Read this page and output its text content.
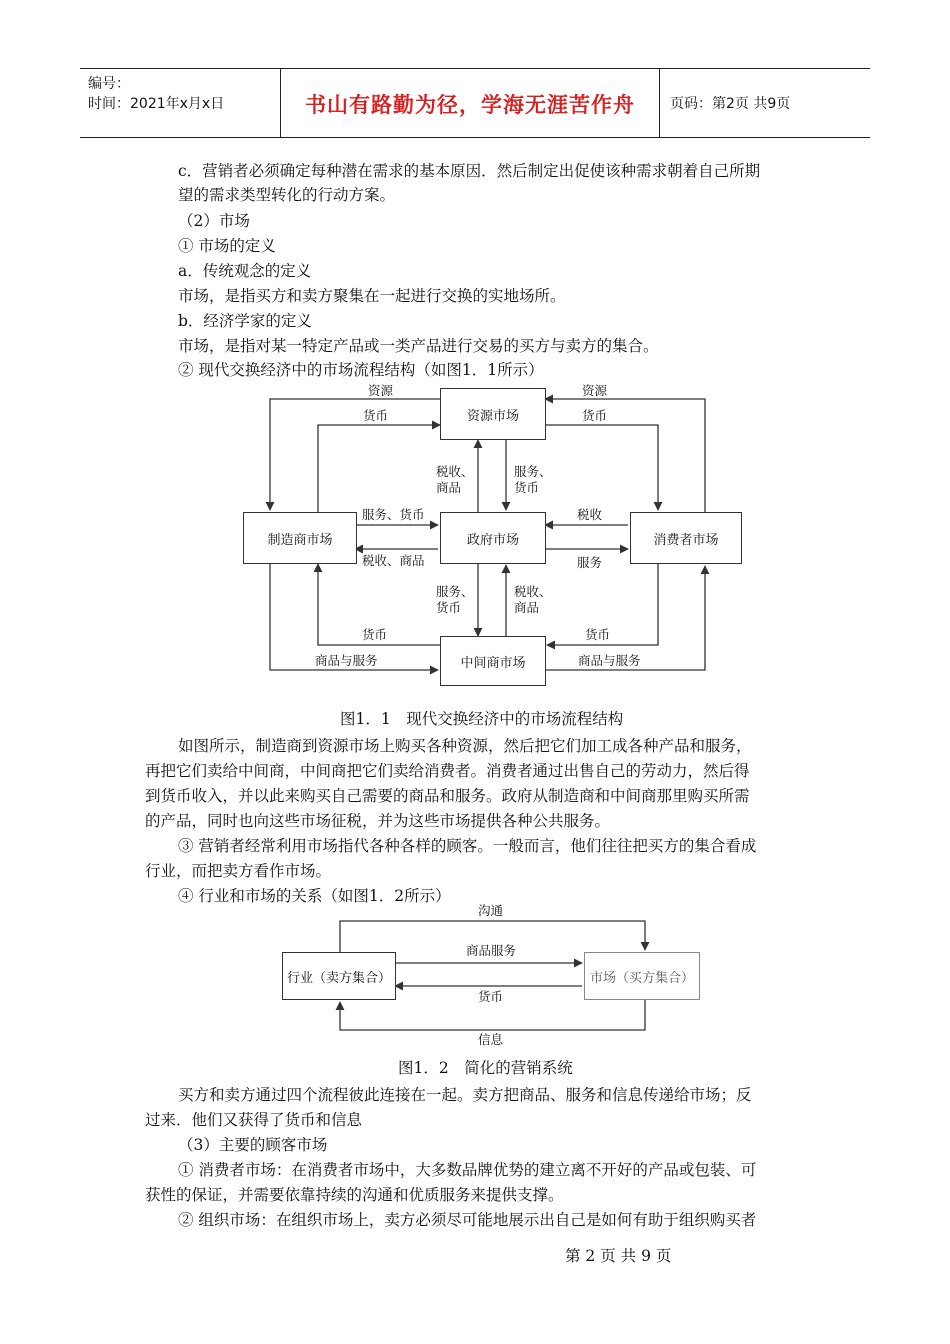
编号：
时间：2021年x月x日	书山有路勤为径，学海无涯苦作舟	页码：第2页 共9页

c．营销者必须确定每种潜在需求的基本原因．然后制定出促使该种需求朝着自己所期

望的需求类型转化的行动方案。

（2）市场

① 市场的定义

a．传统观念的定义

市场，是指买方和卖方聚集在一起进行交换的实地场所。

b．经济学家的定义

市场，是指对某一特定产品或一类产品进行交易的买方与卖方的集合。

② 现代交换经济中的市场流程结构（如图1．1所示）

资源市场
制造商市场	政府市场	消费者市场
中间商市场
资源
货币
资源
货币
税收、
商品
服务、
货币
服务、货币
税收、商品
税收
服务
服务、
货币
税收、
商品
货币
商品与服务
货币
商品与服务

图1．1　现代交换经济中的市场流程结构

如图所示，制造商到资源市场上购买各种资源，然后把它们加工成各种产品和服务，

再把它们卖给中间商，中间商把它们卖给消费者。消费者通过出售自己的劳动力，然后得

到货币收入，并以此来购买自己需要的商品和服务。政府从制造商和中间商那里购买所需

的产品，同时也向这些市场征税，并为这些市场提供各种公共服务。

③ 营销者经常利用市场指代各种各样的顾客。一般而言，他们往往把买方的集合看成

行业，而把卖方看作市场。

④ 行业和市场的关系（如图1．2所示）

行业（卖方集合）	市场（买方集合）
沟通
商品服务
货币
信息

图1．2　简化的营销系统

买方和卖方通过四个流程彼此连接在一起。卖方把商品、服务和信息传递给市场；反

过来．他们又获得了货币和信息

（3）主要的顾客市场

① 消费者市场：在消费者市场中，大多数品牌优势的建立离不开好的产品或包装、可

获性的保证，并需要依靠持续的沟通和优质服务来提供支撑。

② 组织市场：在组织市场上，卖方必须尽可能地展示出自己是如何有助于组织购买者

第 2 页 共 9 页
